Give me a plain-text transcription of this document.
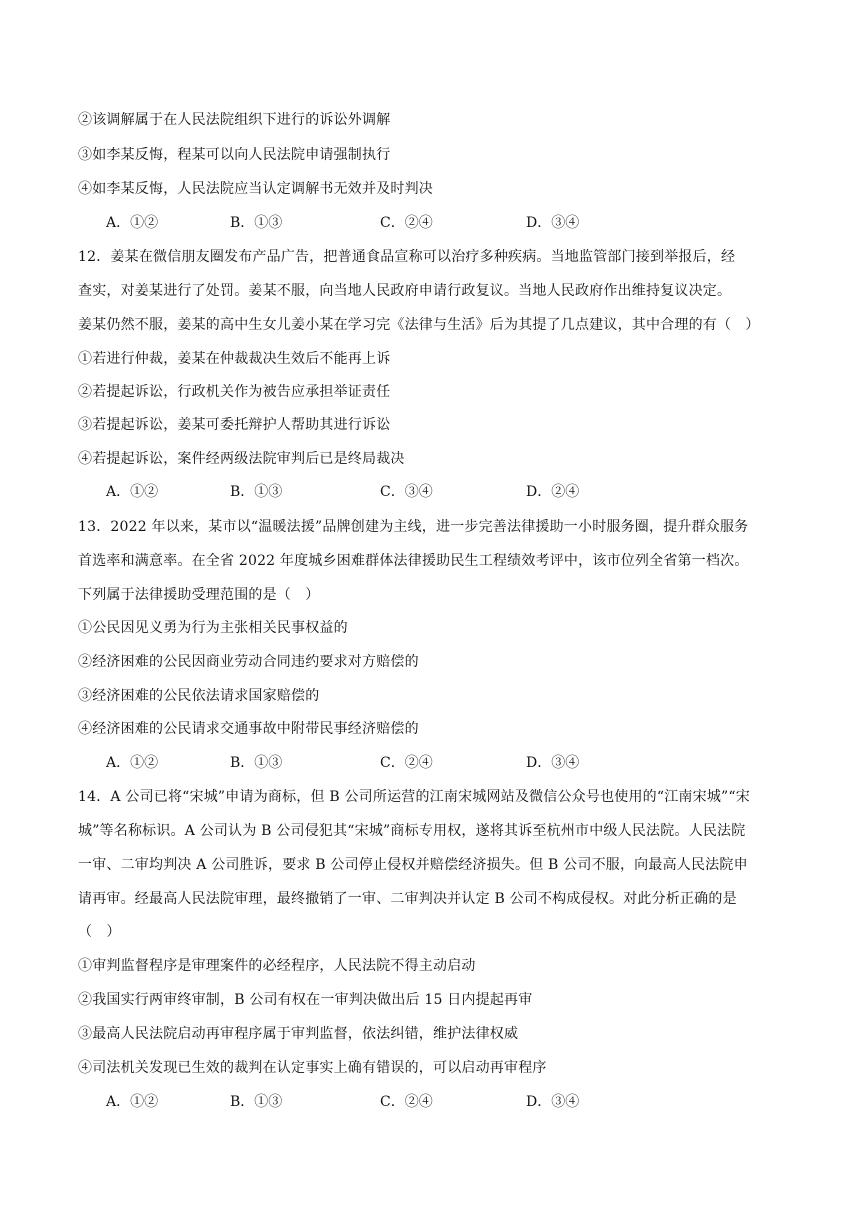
②该调解属于在人民法院组织下进行的诉讼外调解

③如李某反悔，程某可以向人民法院申请强制执行

④如李某反悔，人民法院应当认定调解书无效并及时判决

A．①②	B．①③	C．②④	D．③④

12．姜某在微信朋友圈发布产品广告，把普通食品宣称可以治疗多种疾病。当地监管部门接到举报后，经

查实，对姜某进行了处罚。姜某不服，向当地人民政府申请行政复议。当地人民政府作出维持复议决定。

姜某仍然不服，姜某的高中生女儿姜小某在学习完《法律与生活》后为其提了几点建议，其中合理的有（　）

①若进行仲裁，姜某在仲裁裁决生效后不能再上诉

②若提起诉讼，行政机关作为被告应承担举证责任

③若提起诉讼，姜某可委托辩护人帮助其进行诉讼

④若提起诉讼，案件经两级法院审判后已是终局裁决

A．①②	B．①③	C．③④	D．②④

13．2022 年以来，某市以“温暖法援”品牌创建为主线，进一步完善法律援助一小时服务圈，提升群众服务

首选率和满意率。在全省 2022 年度城乡困难群体法律援助民生工程绩效考评中，该市位列全省第一档次。

下列属于法律援助受理范围的是（　）

①公民因见义勇为行为主张相关民事权益的

②经济困难的公民因商业劳动合同违约要求对方赔偿的

③经济困难的公民依法请求国家赔偿的

④经济困难的公民请求交通事故中附带民事经济赔偿的

A．①②	B．①③	C．②④	D．③④

14．A 公司已将“宋城”申请为商标，但 B 公司所运营的江南宋城网站及微信公众号也使用的“江南宋城”“宋

城”等名称标识。A 公司认为 B 公司侵犯其“宋城”商标专用权，遂将其诉至杭州市中级人民法院。人民法院

一审、二审均判决 A 公司胜诉，要求 B 公司停止侵权并赔偿经济损失。但 B 公司不服，向最高人民法院申

请再审。经最高人民法院审理，最终撤销了一审、二审判决并认定 B 公司不构成侵权。对此分析正确的是

（　）

①审判监督程序是审理案件的必经程序，人民法院不得主动启动

②我国实行两审终审制，B 公司有权在一审判决做出后 15 日内提起再审

③最高人民法院启动再审程序属于审判监督，依法纠错，维护法律权威

④司法机关发现已生效的裁判在认定事实上确有错误的，可以启动再审程序

A．①②	B．①③	C．②④	D．③④
